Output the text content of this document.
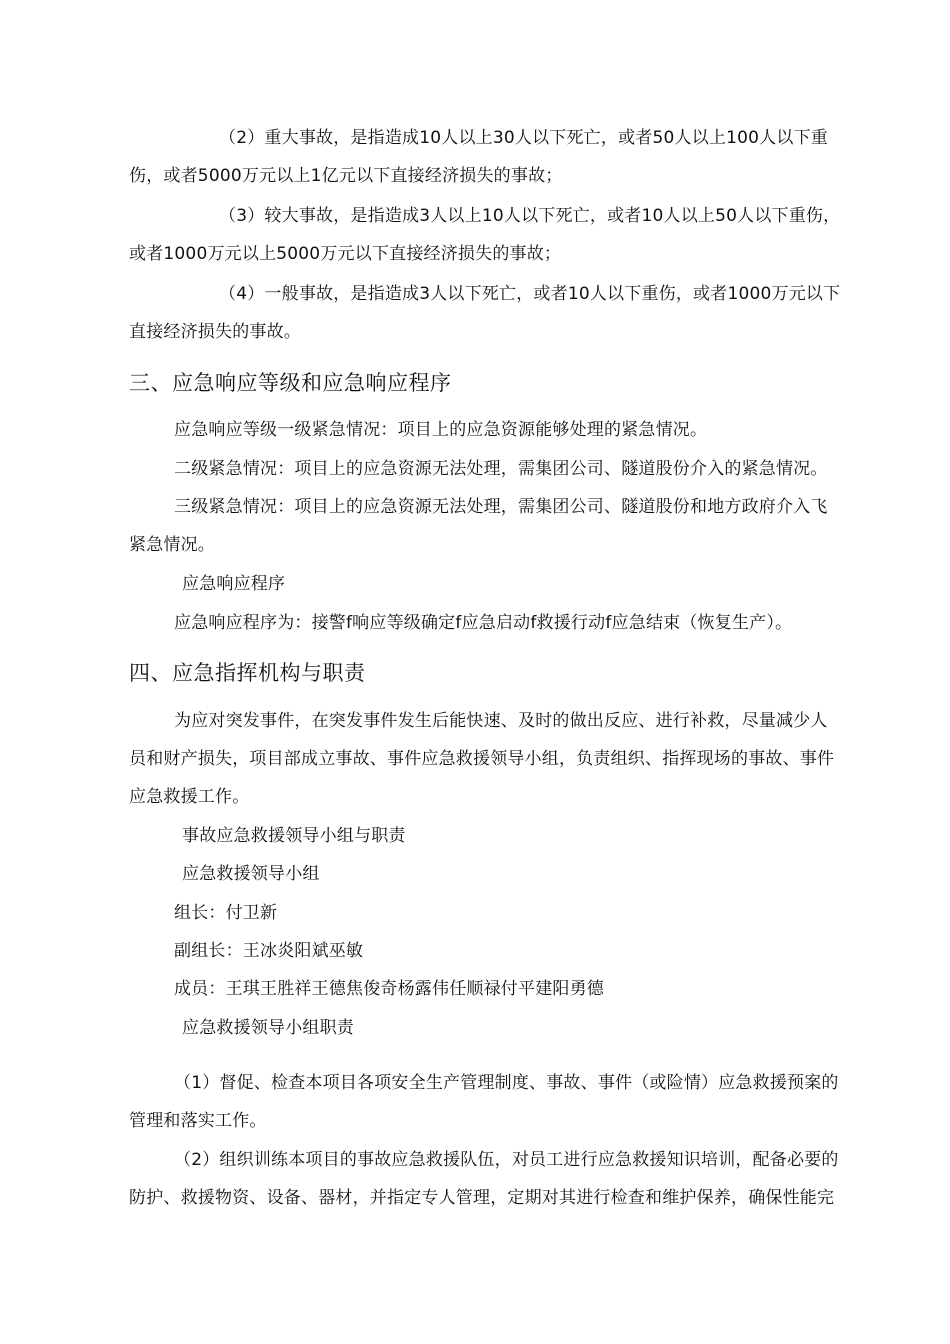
（2）重大事故，是指造成10人以上30人以下死亡，或者50人以上100人以下重
伤，或者5000万元以上1亿元以下直接经济损失的事故；
（3）较大事故，是指造成3人以上10人以下死亡，或者10人以上50人以下重伤，
或者1000万元以上5000万元以下直接经济损失的事故；
（4）一般事故，是指造成3人以下死亡，或者10人以下重伤，或者1000万元以下
直接经济损失的事故。
三、应急响应等级和应急响应程序
应急响应等级一级紧急情况：项目上的应急资源能够处理的紧急情况。
二级紧急情况：项目上的应急资源无法处理，需集团公司、隧道股份介入的紧急情况。
三级紧急情况：项目上的应急资源无法处理，需集团公司、隧道股份和地方政府介入飞
紧急情况。
应急响应程序
应急响应程序为：接警f响应等级确定f应急启动f救援行动f应急结束（恢复生产）。
四、应急指挥机构与职责
为应对突发事件，在突发事件发生后能快速、及时的做出反应、进行补救，尽量减少人
员和财产损失，项目部成立事故、事件应急救援领导小组，负责组织、指挥现场的事故、事件
应急救援工作。
事故应急救援领导小组与职责
应急救援领导小组
组长：付卫新
副组长：王冰炎阳斌巫敏
成员：王琪王胜祥王德焦俊奇杨露伟任顺禄付平建阳勇德
应急救援领导小组职责
（1）督促、检查本项目各项安全生产管理制度、事故、事件（或险情）应急救援预案的
管理和落实工作。
（2）组织训练本项目的事故应急救援队伍，对员工进行应急救援知识培训，配备必要的
防护、救援物资、设备、器材，并指定专人管理，定期对其进行检查和维护保养，确保性能完
